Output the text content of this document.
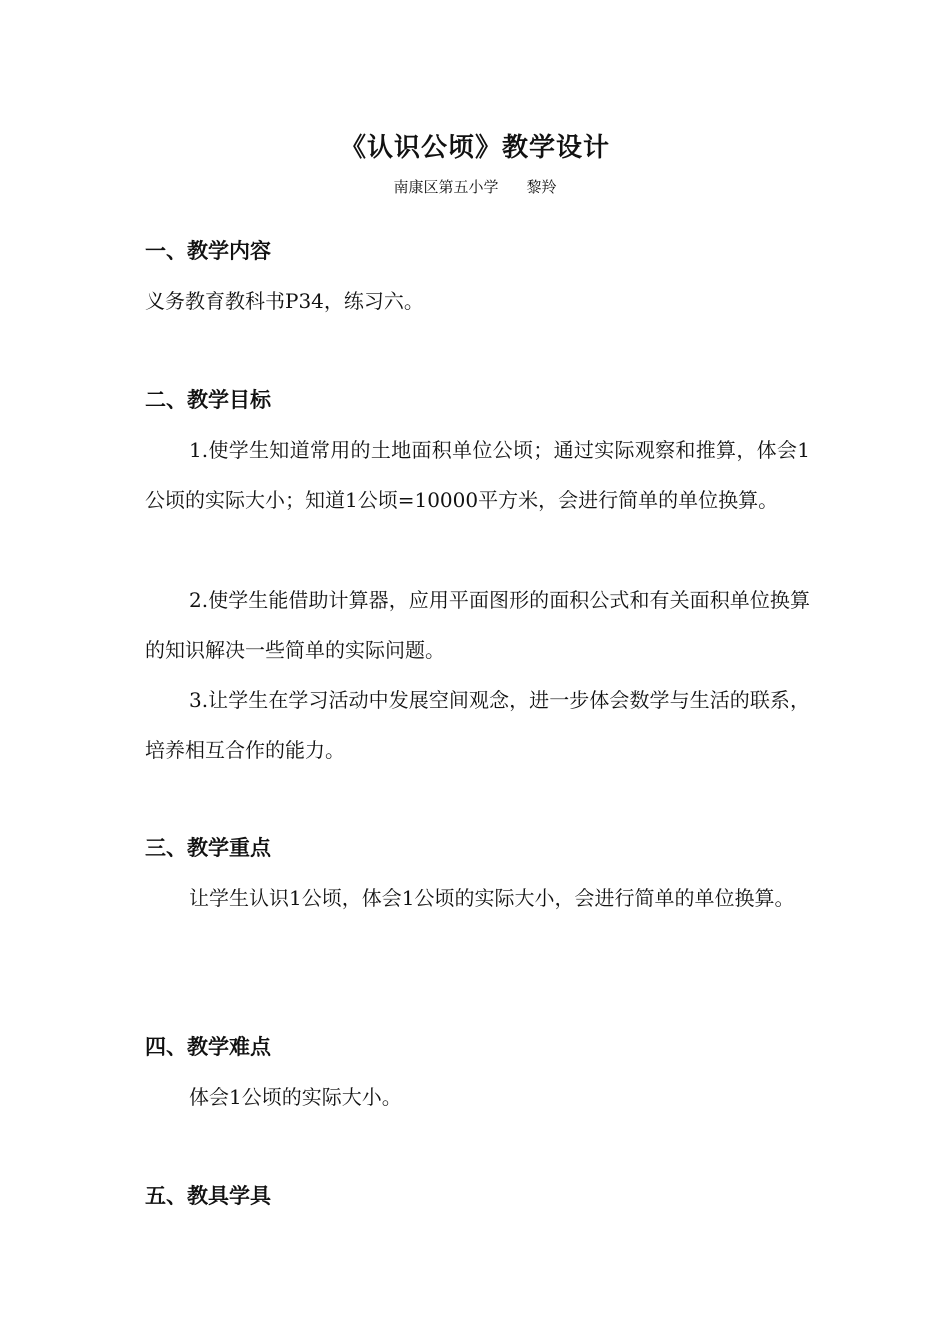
《认识公顷》教学设计
南康区第五小学 黎羚
一、教学内容
义务教育教科书P34，练习六。
二、教学目标
1.使学生知道常用的土地面积单位公顷；通过实际观察和推算，体会1公顷的实际大小；知道1公顷=10000平方米，会进行简单的单位换算。
2.使学生能借助计算器，应用平面图形的面积公式和有关面积单位换算的知识解决一些简单的实际问题。
3.让学生在学习活动中发展空间观念，进一步体会数学与生活的联系，培养相互合作的能力。
三、教学重点
让学生认识1公顷，体会1公顷的实际大小，会进行简单的单位换算。
四、教学难点
体会1公顷的实际大小。
五、教具学具
